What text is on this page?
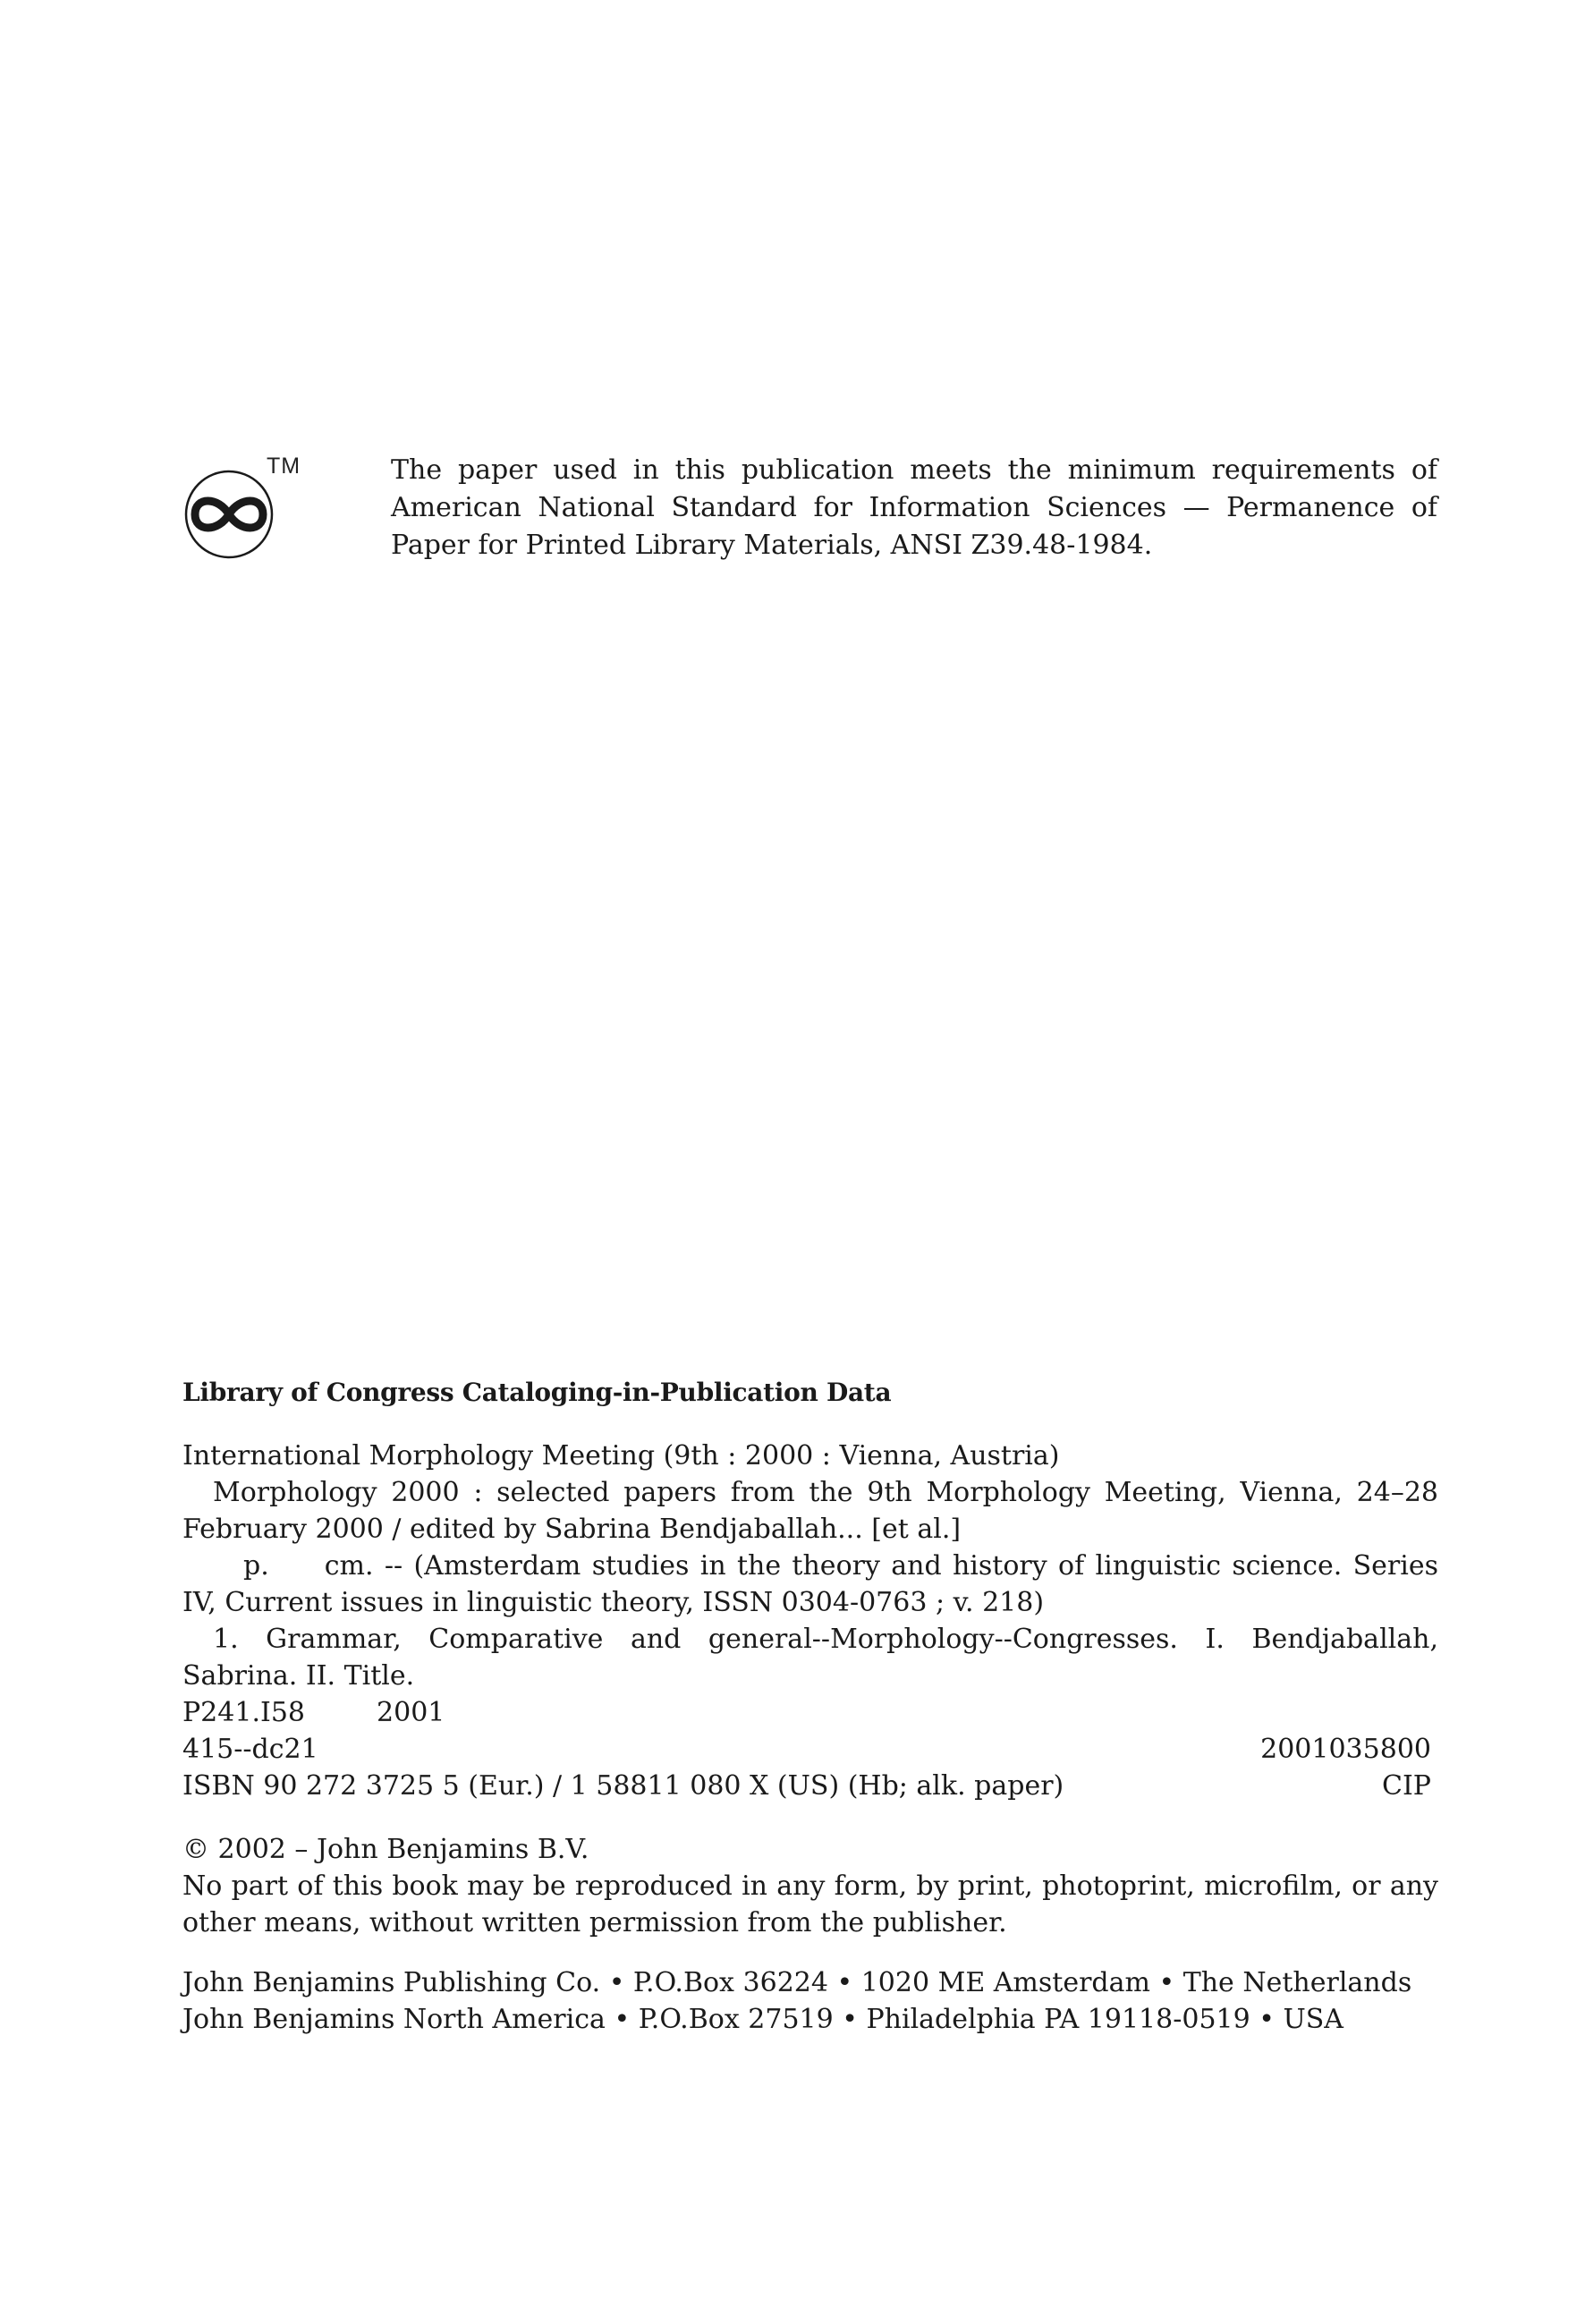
TM	The paper used in this publication meets the minimum requirements of American National Standard for Information Sciences — Permanence of Paper for Printed Library Materials, ANSI Z39.48-1984.

Library of Congress Cataloging-in-Publication Data

International Morphology Meeting (9th : 2000 : Vienna, Austria)

Morphology 2000 : selected papers from the 9th Morphology Meeting, Vienna, 24–28 February 2000 / edited by Sabrina Bendjaballah... [et al.]

p. cm. -- (Amsterdam studies in the theory and history of linguistic science. Series IV, Current issues in linguistic theory, ISSN 0304-0763 ; v. 218)

1. Grammar, Comparative and general--Morphology--Congresses. I. Bendjaballah, Sabrina. II. Title.

P241.I58	2001

415--dc21	2001035800

ISBN 90 272 3725 5 (Eur.) / 1 58811 080 X (US) (Hb; alk. paper)	CIP

© 2002 – John Benjamins B.V.
No part of this book may be reproduced in any form, by print, photoprint, microfilm, or any other means, without written permission from the publisher.

John Benjamins Publishing Co. • P.O.Box 36224 • 1020 ME Amsterdam • The Netherlands

John Benjamins North America • P.O.Box 27519 • Philadelphia PA 19118-0519 • USA
